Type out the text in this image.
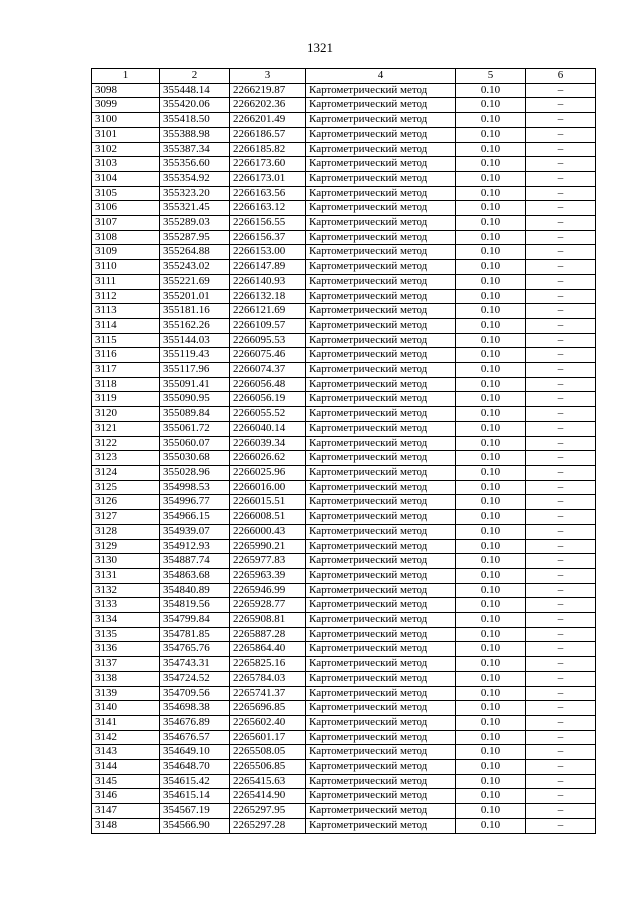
1321
1	2	3	4	5	6
3098	355448.14	2266219.87	Картометрический метод	0.10	–
3099	355420.06	2266202.36	Картометрический метод	0.10	–
3100	355418.50	2266201.49	Картометрический метод	0.10	–
3101	355388.98	2266186.57	Картометрический метод	0.10	–
3102	355387.34	2266185.82	Картометрический метод	0.10	–
3103	355356.60	2266173.60	Картометрический метод	0.10	–
3104	355354.92	2266173.01	Картометрический метод	0.10	–
3105	355323.20	2266163.56	Картометрический метод	0.10	–
3106	355321.45	2266163.12	Картометрический метод	0.10	–
3107	355289.03	2266156.55	Картометрический метод	0.10	–
3108	355287.95	2266156.37	Картометрический метод	0.10	–
3109	355264.88	2266153.00	Картометрический метод	0.10	–
3110	355243.02	2266147.89	Картометрический метод	0.10	–
3111	355221.69	2266140.93	Картометрический метод	0.10	–
3112	355201.01	2266132.18	Картометрический метод	0.10	–
3113	355181.16	2266121.69	Картометрический метод	0.10	–
3114	355162.26	2266109.57	Картометрический метод	0.10	–
3115	355144.03	2266095.53	Картометрический метод	0.10	–
3116	355119.43	2266075.46	Картометрический метод	0.10	–
3117	355117.96	2266074.37	Картометрический метод	0.10	–
3118	355091.41	2266056.48	Картометрический метод	0.10	–
3119	355090.95	2266056.19	Картометрический метод	0.10	–
3120	355089.84	2266055.52	Картометрический метод	0.10	–
3121	355061.72	2266040.14	Картометрический метод	0.10	–
3122	355060.07	2266039.34	Картометрический метод	0.10	–
3123	355030.68	2266026.62	Картометрический метод	0.10	–
3124	355028.96	2266025.96	Картометрический метод	0.10	–
3125	354998.53	2266016.00	Картометрический метод	0.10	–
3126	354996.77	2266015.51	Картометрический метод	0.10	–
3127	354966.15	2266008.51	Картометрический метод	0.10	–
3128	354939.07	2266000.43	Картометрический метод	0.10	–
3129	354912.93	2265990.21	Картометрический метод	0.10	–
3130	354887.74	2265977.83	Картометрический метод	0.10	–
3131	354863.68	2265963.39	Картометрический метод	0.10	–
3132	354840.89	2265946.99	Картометрический метод	0.10	–
3133	354819.56	2265928.77	Картометрический метод	0.10	–
3134	354799.84	2265908.81	Картометрический метод	0.10	–
3135	354781.85	2265887.28	Картометрический метод	0.10	–
3136	354765.76	2265864.40	Картометрический метод	0.10	–
3137	354743.31	2265825.16	Картометрический метод	0.10	–
3138	354724.52	2265784.03	Картометрический метод	0.10	–
3139	354709.56	2265741.37	Картометрический метод	0.10	–
3140	354698.38	2265696.85	Картометрический метод	0.10	–
3141	354676.89	2265602.40	Картометрический метод	0.10	–
3142	354676.57	2265601.17	Картометрический метод	0.10	–
3143	354649.10	2265508.05	Картометрический метод	0.10	–
3144	354648.70	2265506.85	Картометрический метод	0.10	–
3145	354615.42	2265415.63	Картометрический метод	0.10	–
3146	354615.14	2265414.90	Картометрический метод	0.10	–
3147	354567.19	2265297.95	Картометрический метод	0.10	–
3148	354566.90	2265297.28	Картометрический метод	0.10	–
